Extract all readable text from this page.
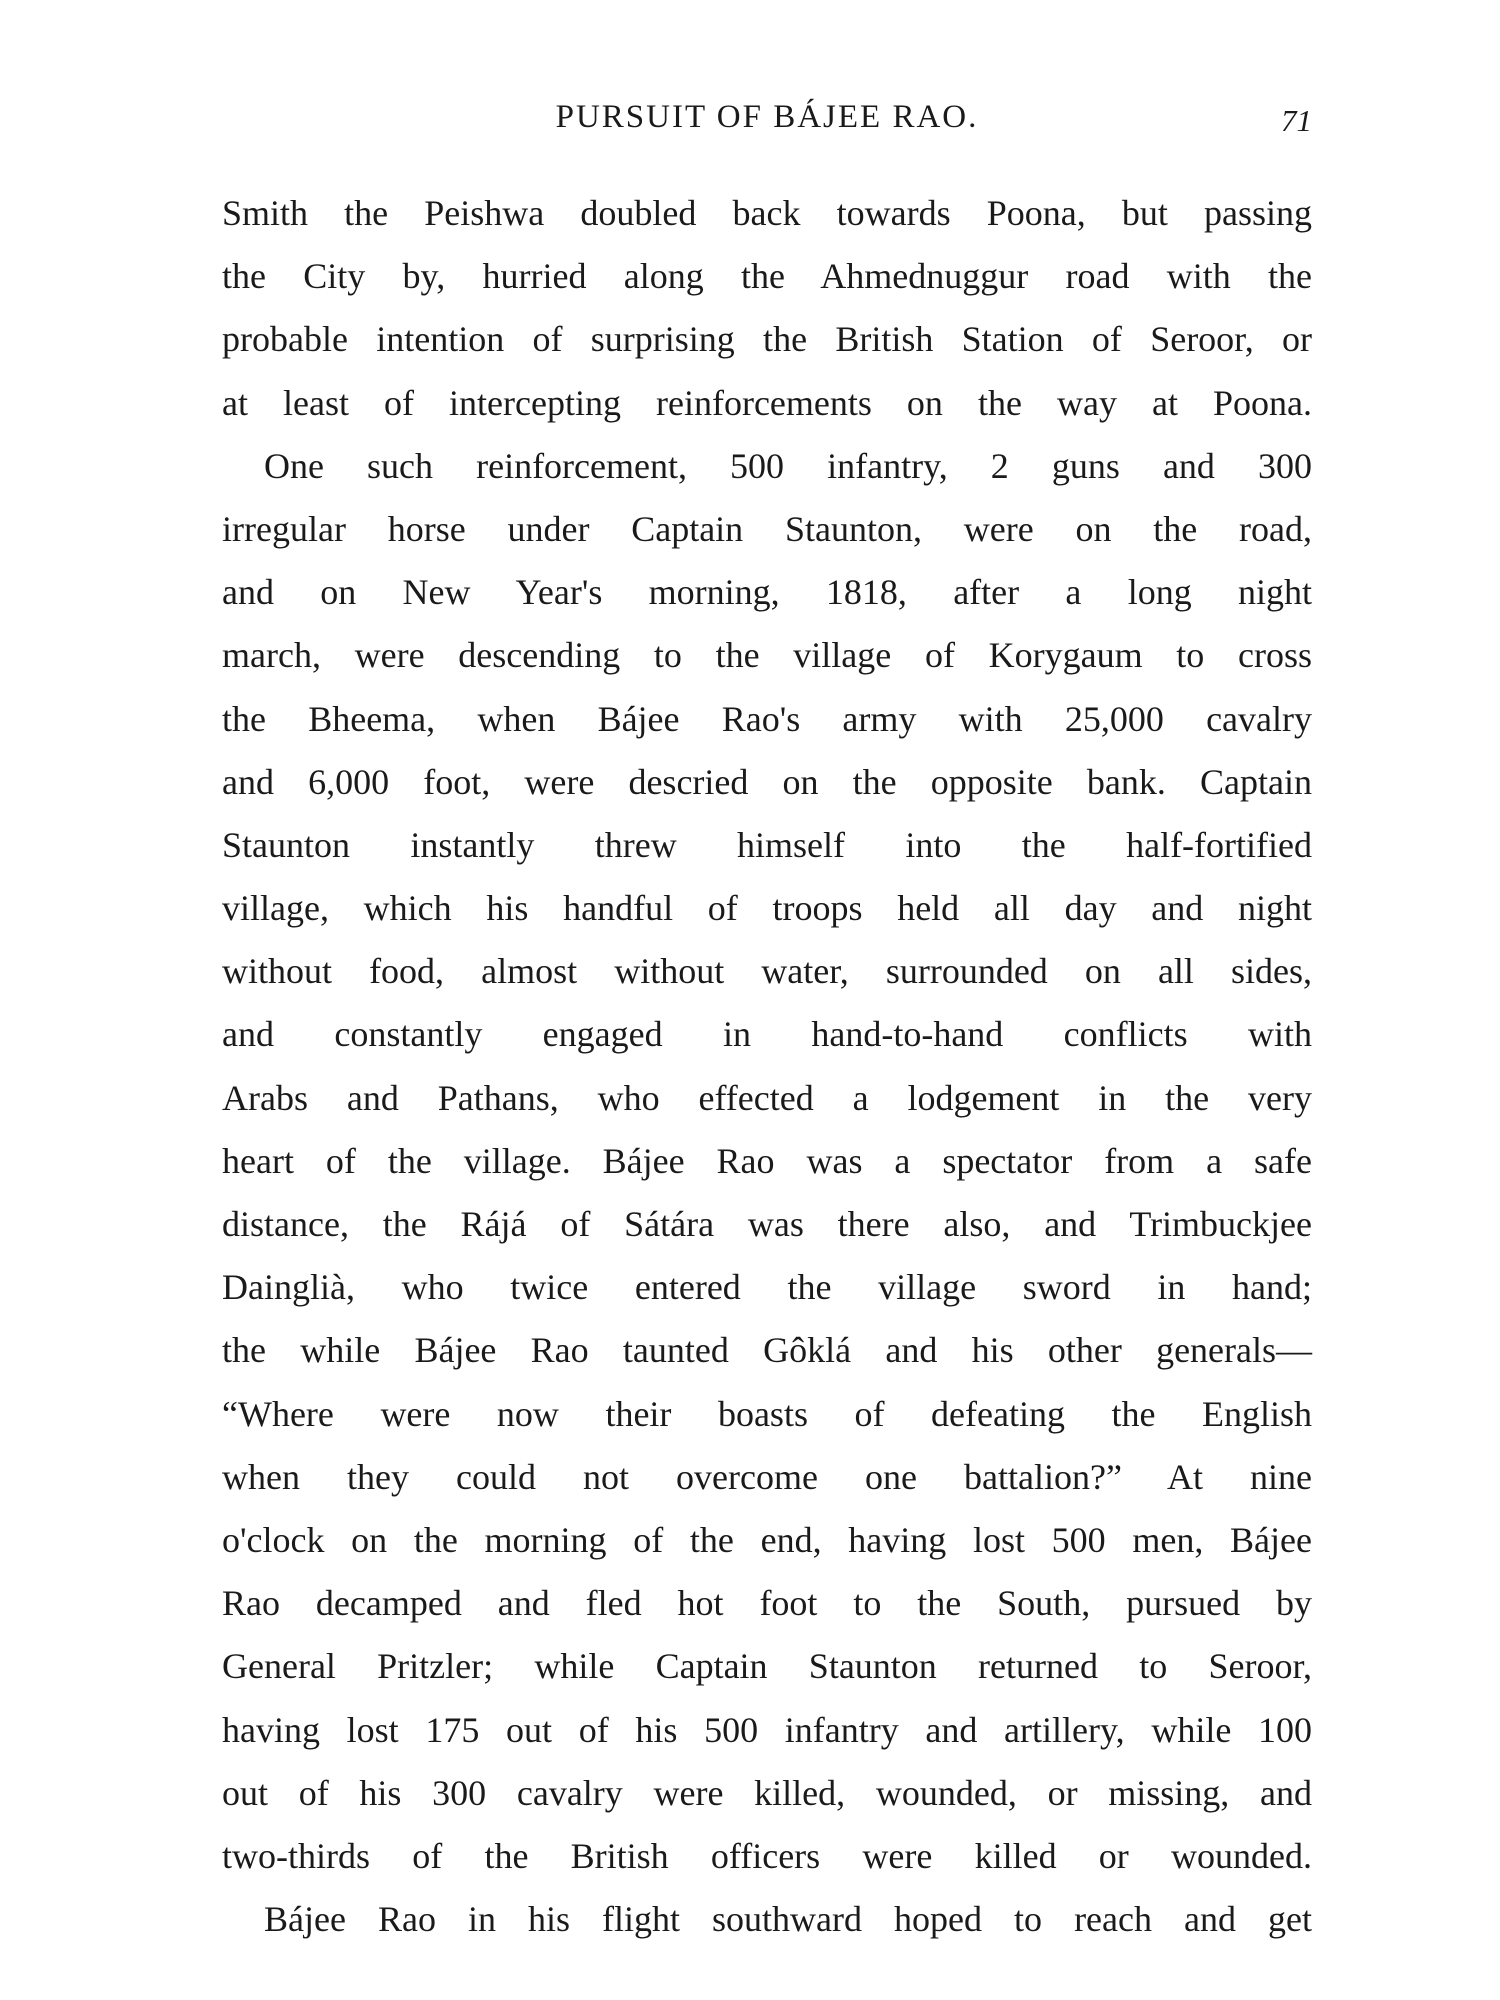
PURSUIT OF BÁJEE RAO.	71
Smith the Peishwa doubled back towards Poona, but passing
the City by, hurried along the Ahmednuggur road with the
probable intention of surprising the British Station of Seroor, or
at least of intercepting reinforcements on the way at Poona.
One such reinforcement, 500 infantry, 2 guns and 300
irregular horse under Captain Staunton, were on the road,
and on New Year's morning, 1818, after a long night
march, were descending to the village of Korygaum to cross
the Bheema, when Bájee Rao's army with 25,000 cavalry
and 6,000 foot, were descried on the opposite bank. Captain
Staunton instantly threw himself into the half-fortified
village, which his handful of troops held all day and night
without food, almost without water, surrounded on all sides,
and constantly engaged in hand-to-hand conflicts with
Arabs and Pathans, who effected a lodgement in the very
heart of the village. Bájee Rao was a spectator from a safe
distance, the Rájá of Sátára was there also, and Trimbuckjee
Dainglià, who twice entered the village sword in hand;
the while Bájee Rao taunted Gôklá and his other generals—
“Where were now their boasts of defeating the English
when they could not overcome one battalion?” At nine
o'clock on the morning of the end, having lost 500 men, Bájee
Rao decamped and fled hot foot to the South, pursued by
General Pritzler; while Captain Staunton returned to Seroor,
having lost 175 out of his 500 infantry and artillery, while 100
out of his 300 cavalry were killed, wounded, or missing, and
two-thirds of the British officers were killed or wounded.
Bájee Rao in his flight southward hoped to reach and get
